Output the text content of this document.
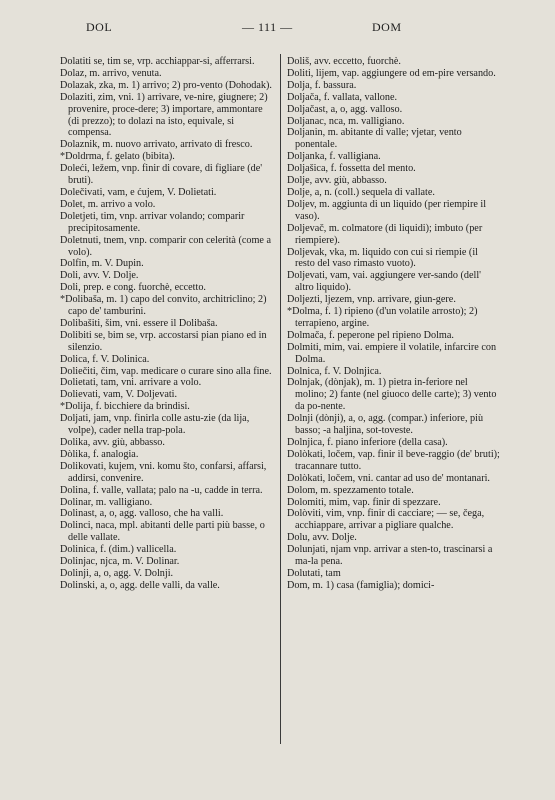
DOL	— 111 —	DOM
Dolatiti se, tim se, vrp. acchiappar-si, afferrarsi.
Dolaz, m. arrivo, venuta.
Dolazak, zka, m. 1) arrivo; 2) pro-vento (Dohodak).
Dolaziti, zim, vni. 1) arrivare, ve-nire, giugnere; 2) provenire, proce-dere; 3) importare, ammontare (di prezzo); to dolazi na isto, equivale, si compensa.
Dolaznik, m. nuovo arrivato, arrivato di fresco.
*Doldrma, f. gelato (bibita).
Doleći, ležem, vnp. finir di covare, di figliare (de' bruti).
Dolečivati, vam, e ćujem, V. Dolietati.
Dolet, m. arrivo a volo.
Doletjeti, tim, vnp. arrivar volando; comparir precipitosamente.
Doletnuti, tnem, vnp. comparir con celerità (come a volo).
Dolfin, m. V. Dupin.
Doli, avv. V. Dolje.
Doli, prep. e cong. fuorchè, eccetto.
*Dolibaša, m. 1) capo del convito, architriclino; 2) capo de' tamburini.
Dolibašiti, šim, vni. essere il Dolibaša.
Dolibiti se, bim se, vrp. accostarsi pian piano ed in silenzio.
Dolica, f. V. Dolinica.
Doliečiti, čim, vap. medicare o curare sino alla fine.
Dolietati, tam, vni. arrivare a volo.
Dolievati, vam, V. Doljevati.
*Dolija, f. bicchiere da brindisi.
Doljati, jam, vnp. finirla colle astu-zie (da lija, volpe), cader nella trap-pola.
Dolika, avv. giù, abbasso.
Dòlika, f. analogia.
Dolikovati, kujem, vni. komu što, confarsi, affarsi, addirsi, convenire.
Dolina, f. valle, vallata; palo na -u, cadde in terra.
Dolinar, m. valligiano.
Dolinast, a, o, agg. valloso, che ha valli.
Dolinci, naca, mpl. abitanti delle parti più basse, o delle vallate.
Dolinica, f. (dim.) vallicella.
Dolinjac, njca, m. V. Dolinar.
Dolinji, a, o, agg. V. Dolnji.
Dolinski, a, o, agg. delle valli, da valle.
Doliš, avv. eccetto, fuorchè.
Doliti, lijem, vap. aggiungere od em-pire versando.
Dolja, f. bassura.
Doljača, f. vallata, vallone.
Doljačast, a, o, agg. valloso.
Doljanac, nca, m. valligiano.
Doljanin, m. abitante di valle; vjetar, vento ponentale.
Doljanka, f. valligiana.
Doljašica, f. fossetta del mento.
Dolje, avv. giù, abbasso.
Dolje, a, n. (coll.) sequela di vallate.
Doljev, m. aggiunta di un liquido (per riempire il vaso).
Doljevač, m. colmatore (di liquidi); imbuto (per riempiere).
Doljevak, vka, m. liquido con cui si riempie (il resto del vaso rimasto vuoto).
Doljevati, vam, vai. aggiungere ver-sando (dell' altro liquido).
Doljezti, ljezem, vnp. arrivare, giun-gere.
*Dolma, f. 1) ripieno (d'un volatile arrosto); 2) terrapieno, argine.
Dolmača, f. peperone pel ripieno Dolma.
Dolmiti, mim, vai. empiere il volatile, infarcire con Dolma.
Dolnica, f. V. Dolnjica.
Dolnjak, (dònjak), m. 1) pietra in-feriore nel molino; 2) fante (nel giuoco delle carte); 3) vento da po-nente.
Dolnji (dònji), a, o, agg. (compar.) inferiore, più basso; -a haljina, sot-toveste.
Dolnjica, f. piano inferiore (della casa).
Dolòkati, ločem, vap. finir il beve-raggio (de' bruti); tracannare tutto.
Dolòkati, ločem, vni. cantar ad uso de' montanari.
Dolom, m. spezzamento totale.
Dolomiti, mim, vap. finir di spezzare.
Dolòviti, vim, vnp. finir di cacciare; — se, čega, acchiappare, arrivar a pigliare qualche.
Dolu, avv. Dolje.
Dolunjati, njam vnp. arrivar a sten-to, trascinarsi a ma-la pena.
Dolutati, tam
Dom, m. 1) casa (famiglia); domici-
